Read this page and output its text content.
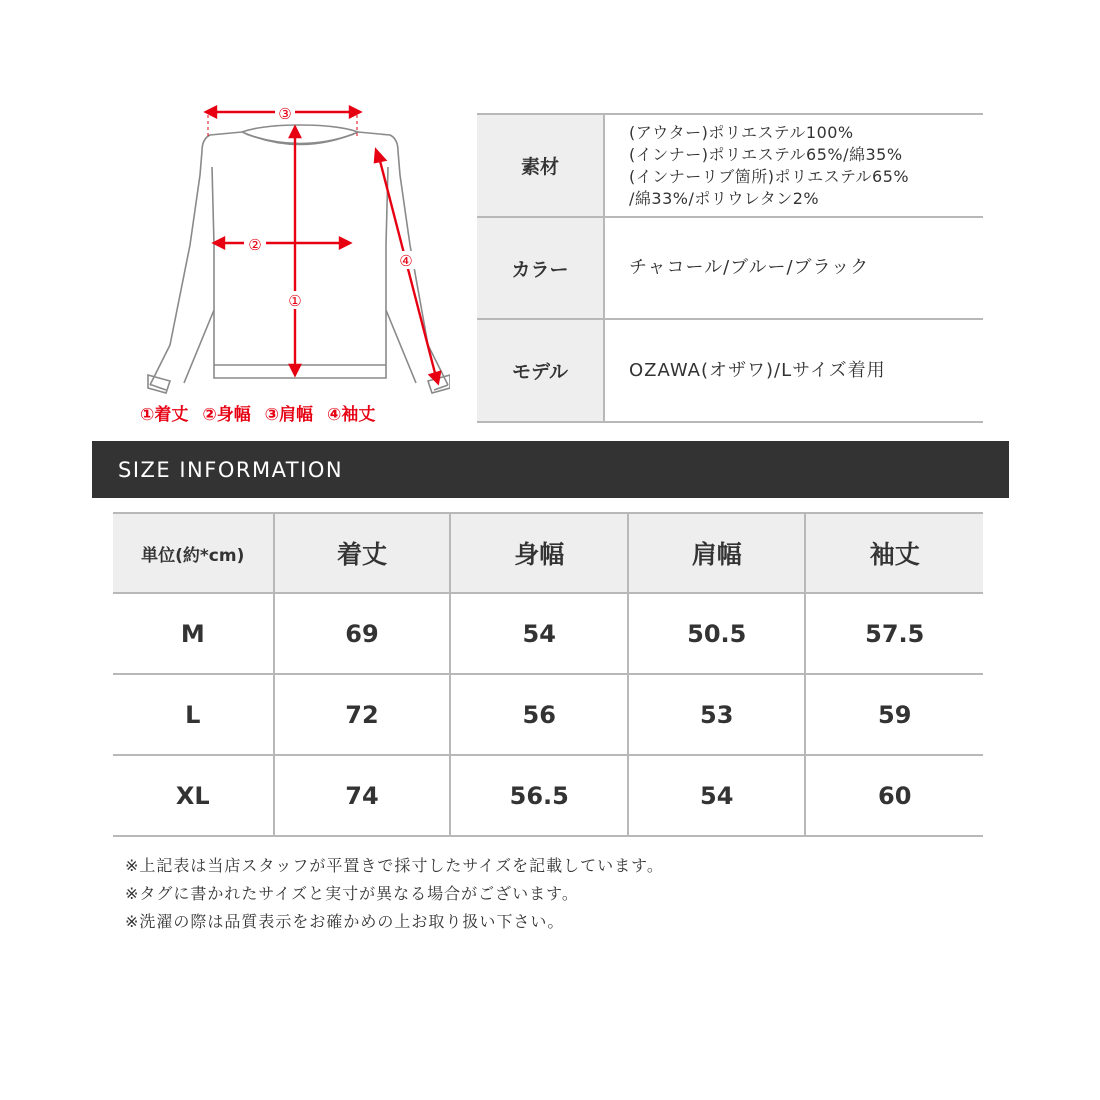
③
②
①
④
①着丈 ②身幅 ③肩幅 ④袖丈
素材
(アウター)ポリエステル100%
(インナー)ポリエステル65%/綿35%
(インナーリブ箇所)ポリエステル65%
/綿33%/ポリウレタン2%
カラー	チャコール/ブルー/ブラック
モデル	OZAWA(オザワ)/Lサイズ着用
SIZE INFORMATION
単位(約*cm)	着丈	身幅	肩幅	袖丈
M	69	54	50.5	57.5
L	72	56	53	59
XL	74	56.5	54	60
※上記表は当店スタッフが平置きで採寸したサイズを記載しています。
※タグに書かれたサイズと実寸が異なる場合がございます。
※洗濯の際は品質表示をお確かめの上お取り扱い下さい。
